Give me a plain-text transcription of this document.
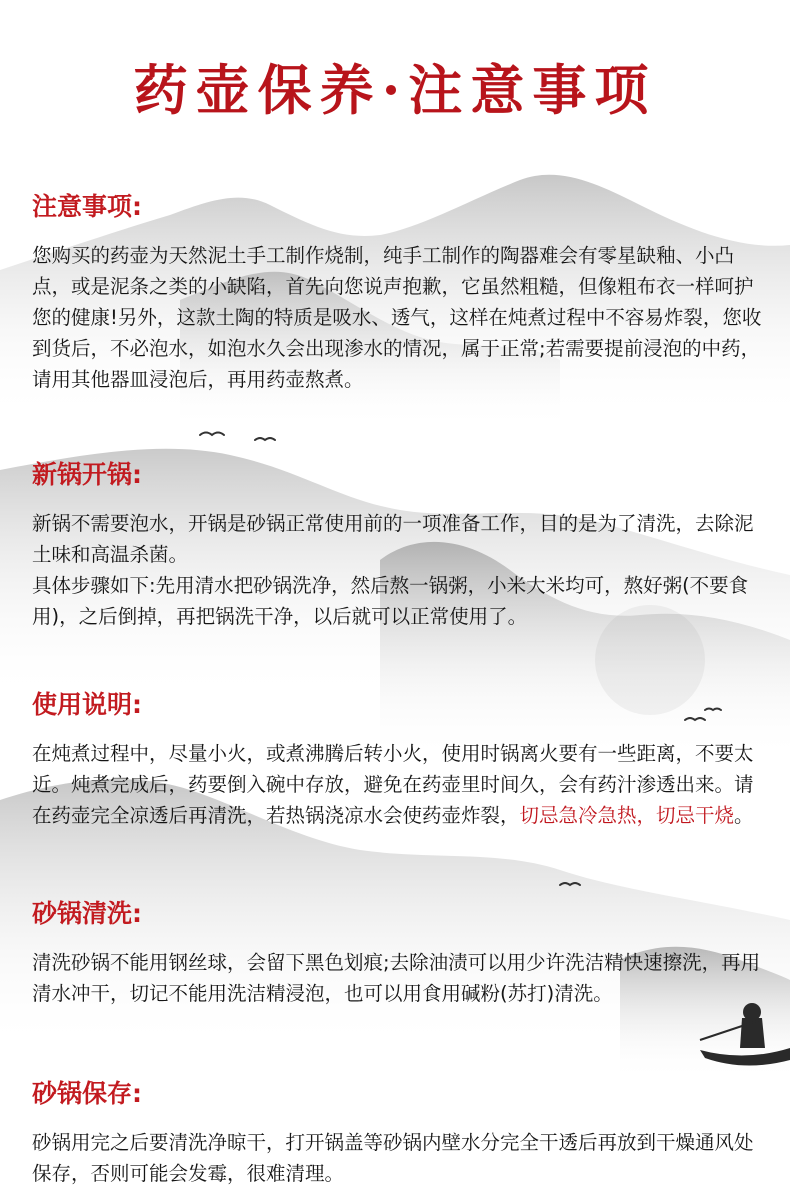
药壶保养·注意事项
注意事项:

您购买的药壶为天然泥土手工制作烧制，纯手工制作的陶器难会有零星缺釉、小凸点，或是泥条之类的小缺陷，首先向您说声抱歉，它虽然粗糙，但像粗布衣一样呵护您的健康!另外，这款土陶的特质是吸水、透气，这样在炖煮过程中不容易炸裂，您收到货后，不必泡水，如泡水久会出现渗水的情况，属于正常;若需要提前浸泡的中药，请用其他器皿浸泡后，再用药壶熬煮。

新锅开锅:

新锅不需要泡水，开锅是砂锅正常使用前的一项准备工作，目的是为了清洗，去除泥土味和高温杀菌。

具体步骤如下:先用清水把砂锅洗净，然后熬一锅粥，小米大米均可，熬好粥(不要食用)，之后倒掉，再把锅洗干净，以后就可以正常使用了。

使用说明:

在炖煮过程中，尽量小火，或煮沸腾后转小火，使用时锅离火要有一些距离，不要太近。炖煮完成后，药要倒入碗中存放，避免在药壶里时间久，会有药汁渗透出来。请在药壶完全凉透后再清洗，若热锅浇凉水会使药壶炸裂，切忌急冷急热，切忌干烧。

砂锅清洗:

清洗砂锅不能用钢丝球，会留下黑色划痕;去除油渍可以用少许洗洁精快速擦洗，再用清水冲干，切记不能用洗洁精浸泡，也可以用食用碱粉(苏打)清洗。

砂锅保存:

砂锅用完之后要清洗净晾干，打开锅盖等砂锅内壁水分完全干透后再放到干燥通风处保存，否则可能会发霉，很难清理。
